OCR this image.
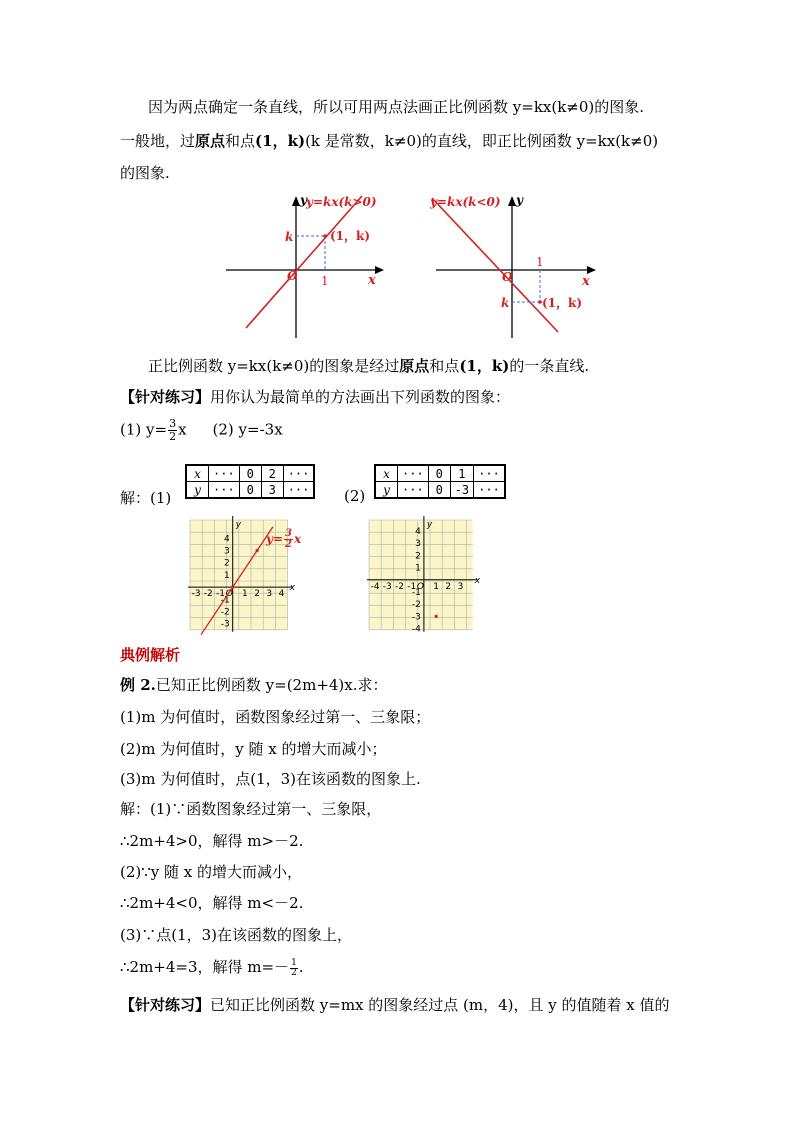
因为两点确定一条直线，所以可用两点法画正比例函数 y=kx(k≠0)的图象.
一般地，过原点和点(1，k)(k 是常数，k≠0)的直线，即正比例函数 y=kx(k≠0)
的图象.
y=kx(k>0)
x
O
k
1
(1，k)
y=kx(k<0)
x
O
k
1
(1，k)
y	y
正比例函数 y=kx(k≠0)的图象是经过原点和点(1，k)的一条直线.
【针对练习】用你认为最简单的方法画出下列函数的图象：
(1) $y= \frac{3}{2}$ x (2) y=-3x
解：(1)
x	···	0	2	···
y	···	0	3	··· (2)
x	···	0	1	···
y	···	0	-3	···
-3 -2 -1 1 2 3 4
4
3
2
1
-1
-2
-3
x
y
O
$y= \frac{3}{2}$ x
-4 -3 -2 -1 1 2 3
4
3
2
1
-1
-2
-3
-4
x
y
O
典例解析
例 2.已知正比例函数 y=(2m+4)x.求：
(1)m 为何值时，函数图象经过第一、三象限；
(2)m 为何值时，y 随 x 的增大而减小；
(3)m 为何值时，点(1，3)在该函数的图象上.
解：(1)∵函数图象经过第一、三象限，
∴2m+4>0，解得 m>－2.
(2)∵y 随 x 的增大而减小，
∴2m+4<0，解得 m<－2.
(3)∵点(1，3)在该函数的图象上，
∴2m+4=3，解得 $m=- \frac{1}{2}$ .
【针对练习】已知正比例函数 y=mx 的图象经过点 (m，4)，且 y 的值随着 x 值的
